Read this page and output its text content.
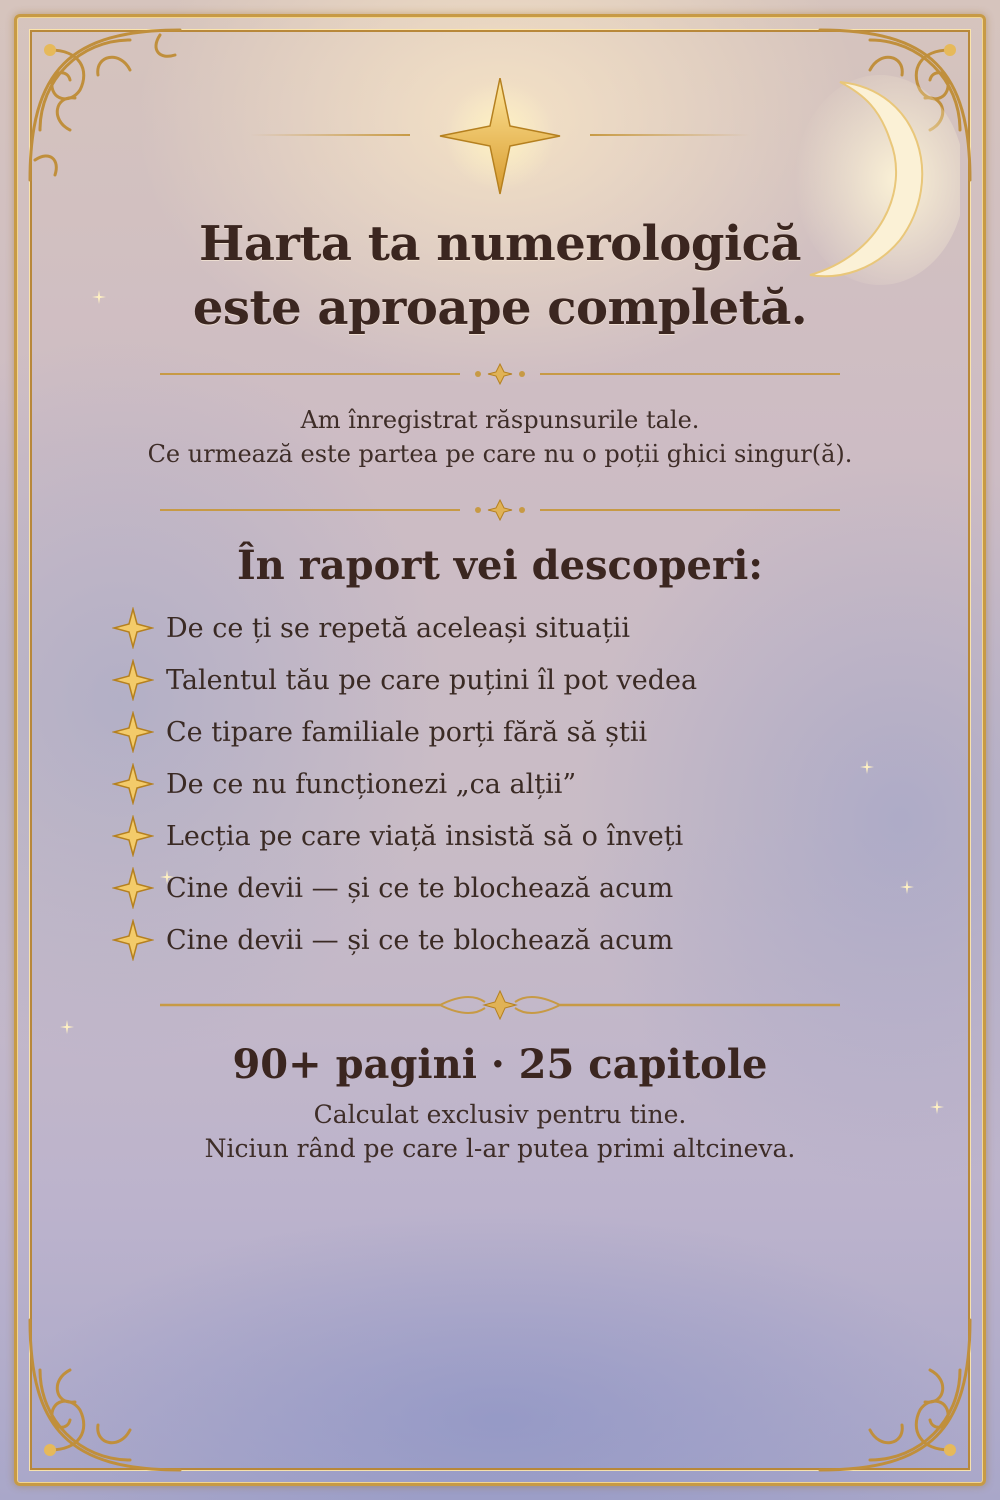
Harta ta numerologică
este aproape completă.
Am înregistrat răspunsurile tale.
Ce urmează este partea pe care nu o poții ghici singur(ă).
În raport vei descoperi:
De ce ți se repetă aceleași situații
Talentul tău pe care puțini îl pot vedea
Ce tipare familiale porți fără să știi
De ce nu funcționezi „ca alții”
Lecția pe care viață insistă să o înveți
Cine devii — și ce te blochează acum
Cine devii — și ce te blochează acum
90+ pagini · 25 capitole
Calculat exclusiv pentru tine.
Niciun rând pe care l-ar putea primi altcineva.
